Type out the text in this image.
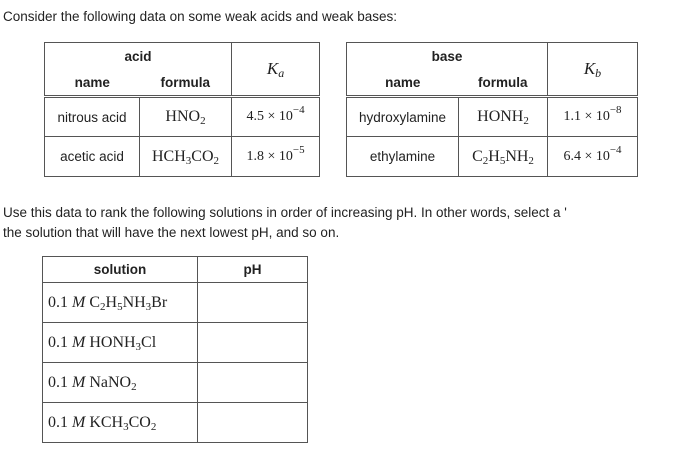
Consider the following data on some weak acids and weak bases:
acid		$K_a$
name	formula	
nitrous acid	$HNO_2$	$4.5 \times 10^{-4}$
acetic acid	$HCH_3CO_2$	$1.8 \times 10^{-5}$
base		$K_b$
name	formula	
hydroxylamine	$HONH_2$	$1.1 \times 10^{-8}$
ethylamine	$C_2H_5NH_2$	$6.4 \times 10^{-4}$
Use this data to rank the following solutions in order of increasing pH. In other words, select a '
the solution that will have the next lowest pH, and so on.
solution	pH
0.1 M $C_2H_5NH_3Br$	
0.1 M $HONH_3Cl$	
0.1 M NaNO$_2$	
0.1 M $KCH_3CO_2$	
